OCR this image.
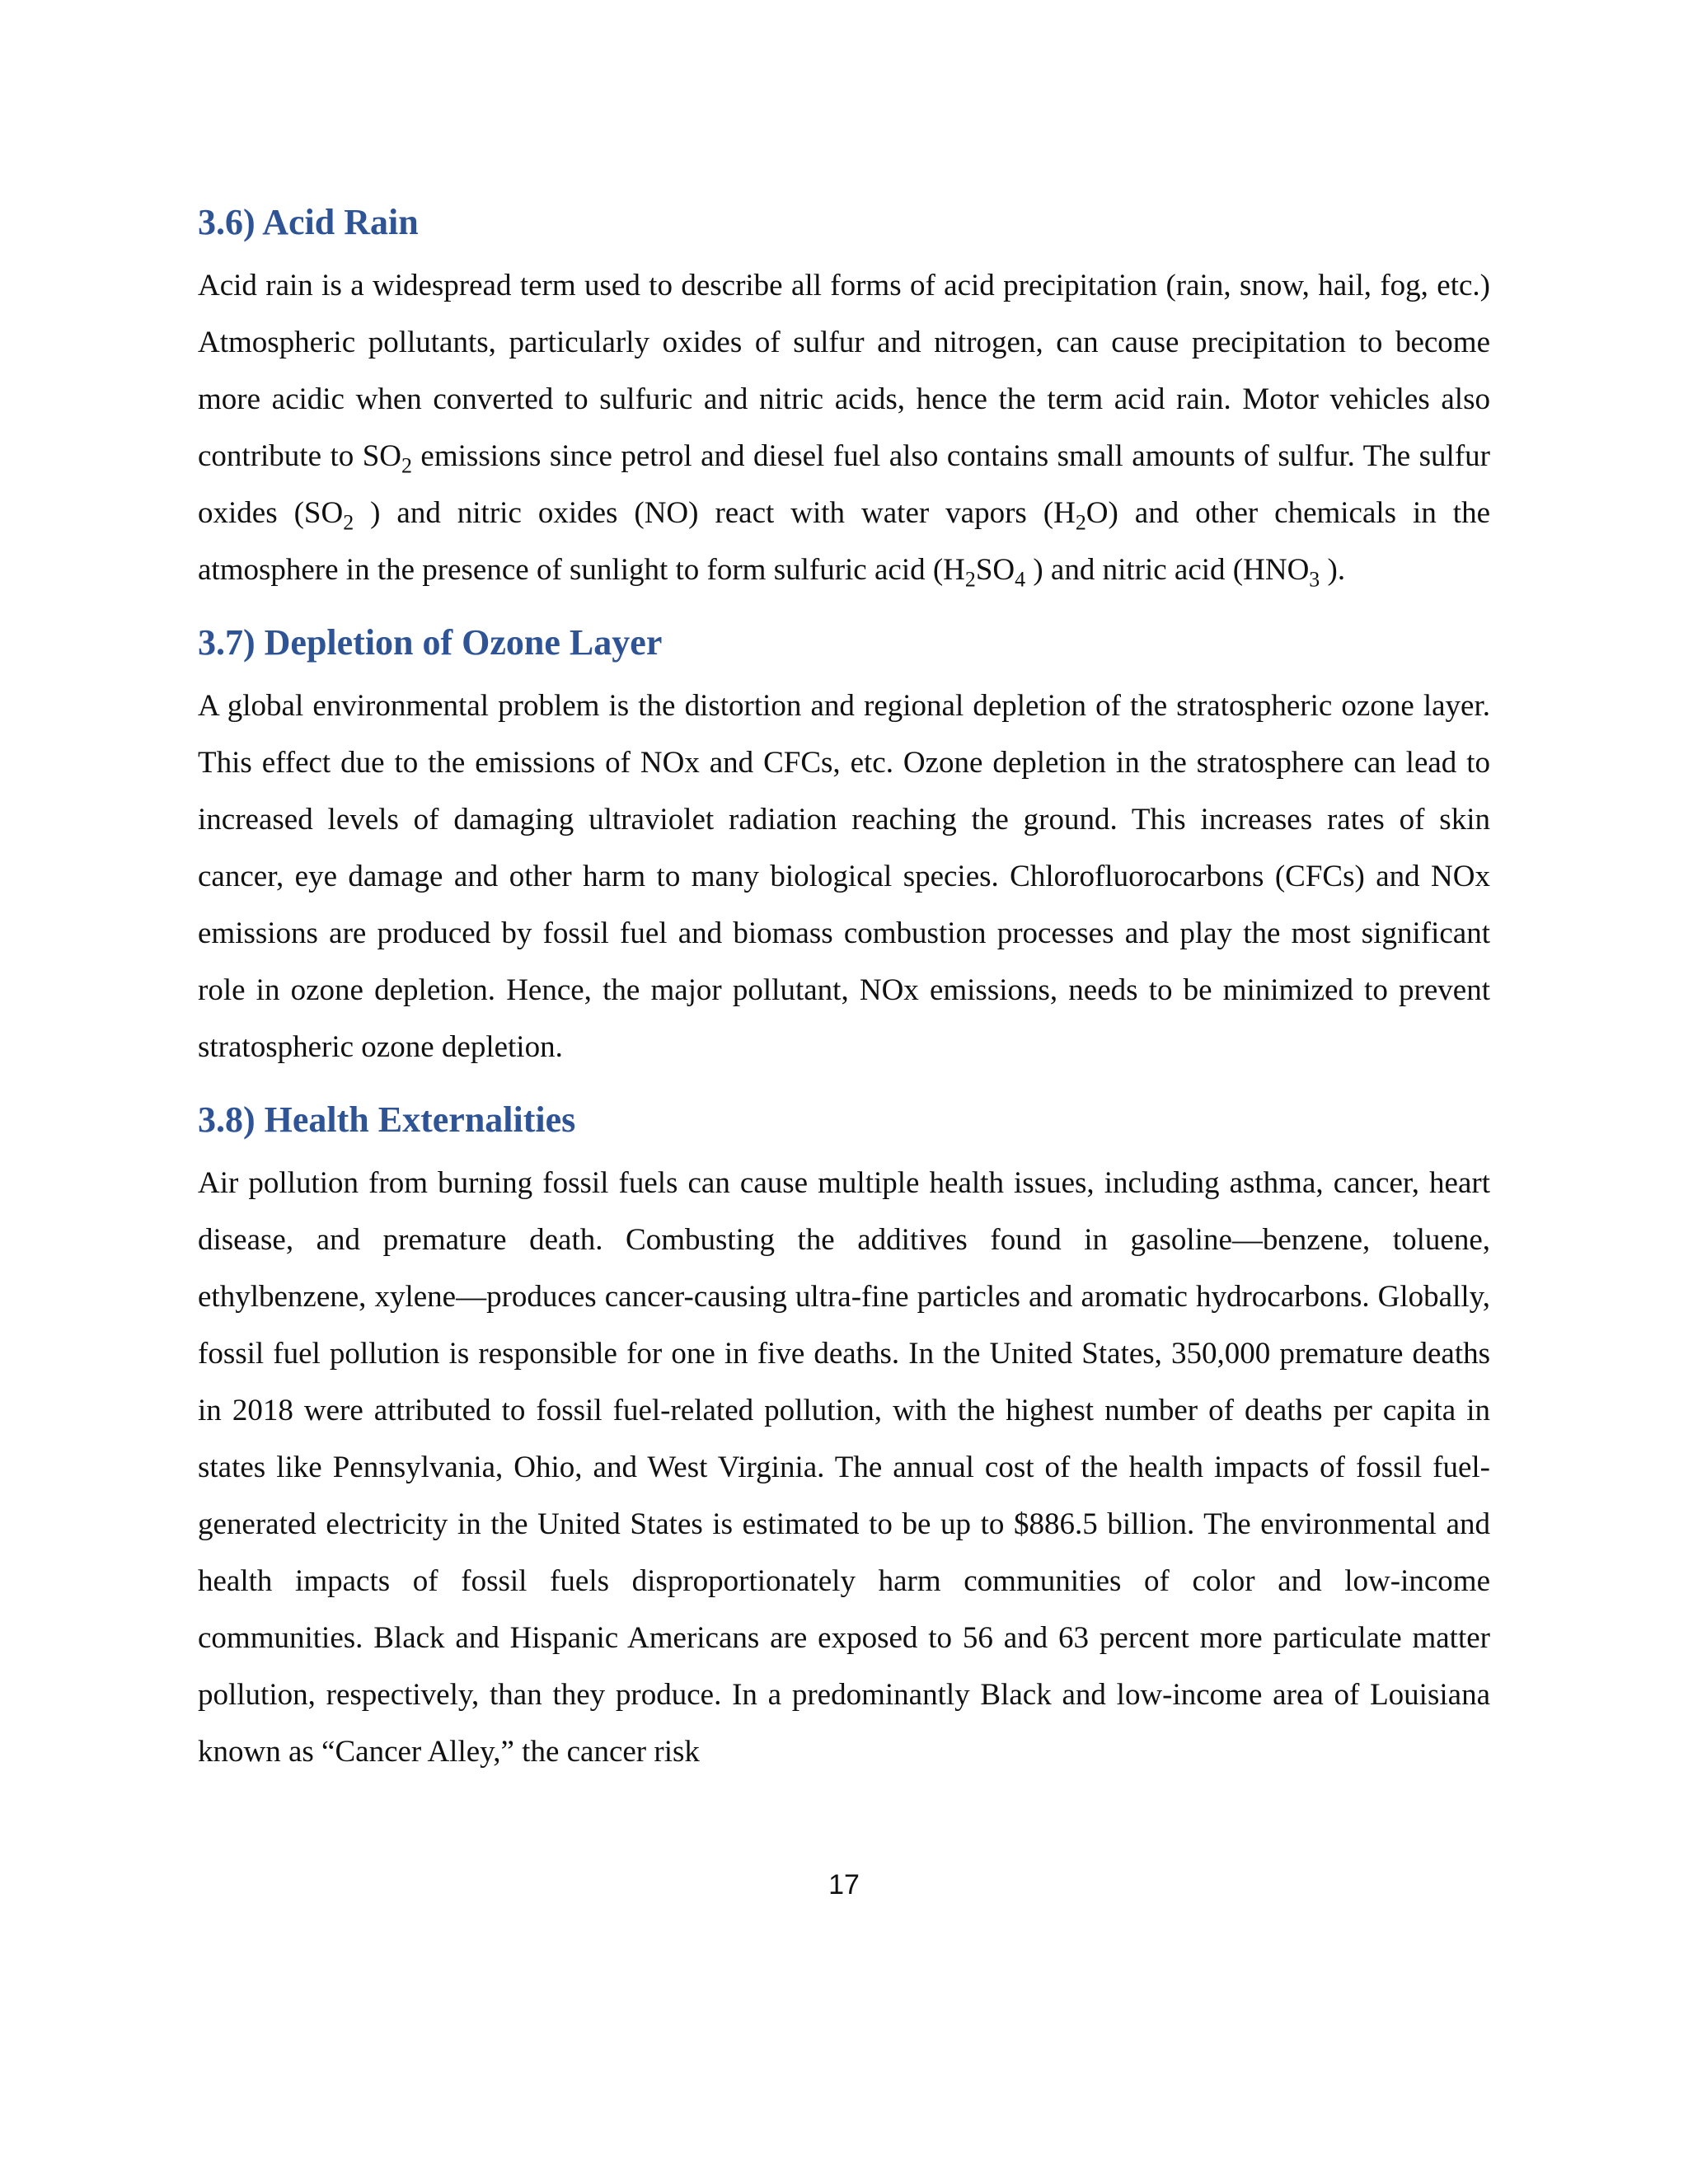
3.6) Acid Rain

Acid rain is a widespread term used to describe all forms of acid precipitation (rain, snow, hail, fog, etc.) Atmospheric pollutants, particularly oxides of sulfur and nitrogen, can cause precipitation to become more acidic when converted to sulfuric and nitric acids, hence the term acid rain. Motor vehicles also contribute to $SO_2$ emissions since petrol and diesel fuel also contains small amounts of sulfur. The sulfur oxides ($SO_2$ ) and nitric oxides (NO) react with water vapors $(H_2O)$ and other chemicals in the atmosphere in the presence of sunlight to form sulfuric acid ($H_2SO_4$ ) and nitric acid ($HNO_3$ ).

3.7) Depletion of Ozone Layer

A global environmental problem is the distortion and regional depletion of the stratospheric ozone layer. This effect due to the emissions of NOx and CFCs, etc. Ozone depletion in the stratosphere can lead to increased levels of damaging ultraviolet radiation reaching the ground. This increases rates of skin cancer, eye damage and other harm to many biological species. Chlorofluorocarbons (CFCs) and NOx emissions are produced by fossil fuel and biomass combustion processes and play the most significant role in ozone depletion. Hence, the major pollutant, NOx emissions, needs to be minimized to prevent stratospheric ozone depletion.

3.8) Health Externalities

Air pollution from burning fossil fuels can cause multiple health issues, including asthma, cancer, heart disease, and premature death. Combusting the additives found in gasoline—benzene, toluene, ethylbenzene, xylene—produces cancer-causing ultra-fine particles and aromatic hydrocarbons. Globally, fossil fuel pollution is responsible for one in five deaths. In the United States, 350,000 premature deaths in 2018 were attributed to fossil fuel-related pollution, with the highest number of deaths per capita in states like Pennsylvania, Ohio, and West Virginia. The annual cost of the health impacts of fossil fuel-generated electricity in the United States is estimated to be up to $886.5 billion. The environmental and health impacts of fossil fuels disproportionately harm communities of color and low-income communities. Black and Hispanic Americans are exposed to 56 and 63 percent more particulate matter pollution, respectively, than they produce. In a predominantly Black and low-income area of Louisiana known as “Cancer Alley,” the cancer risk

17
